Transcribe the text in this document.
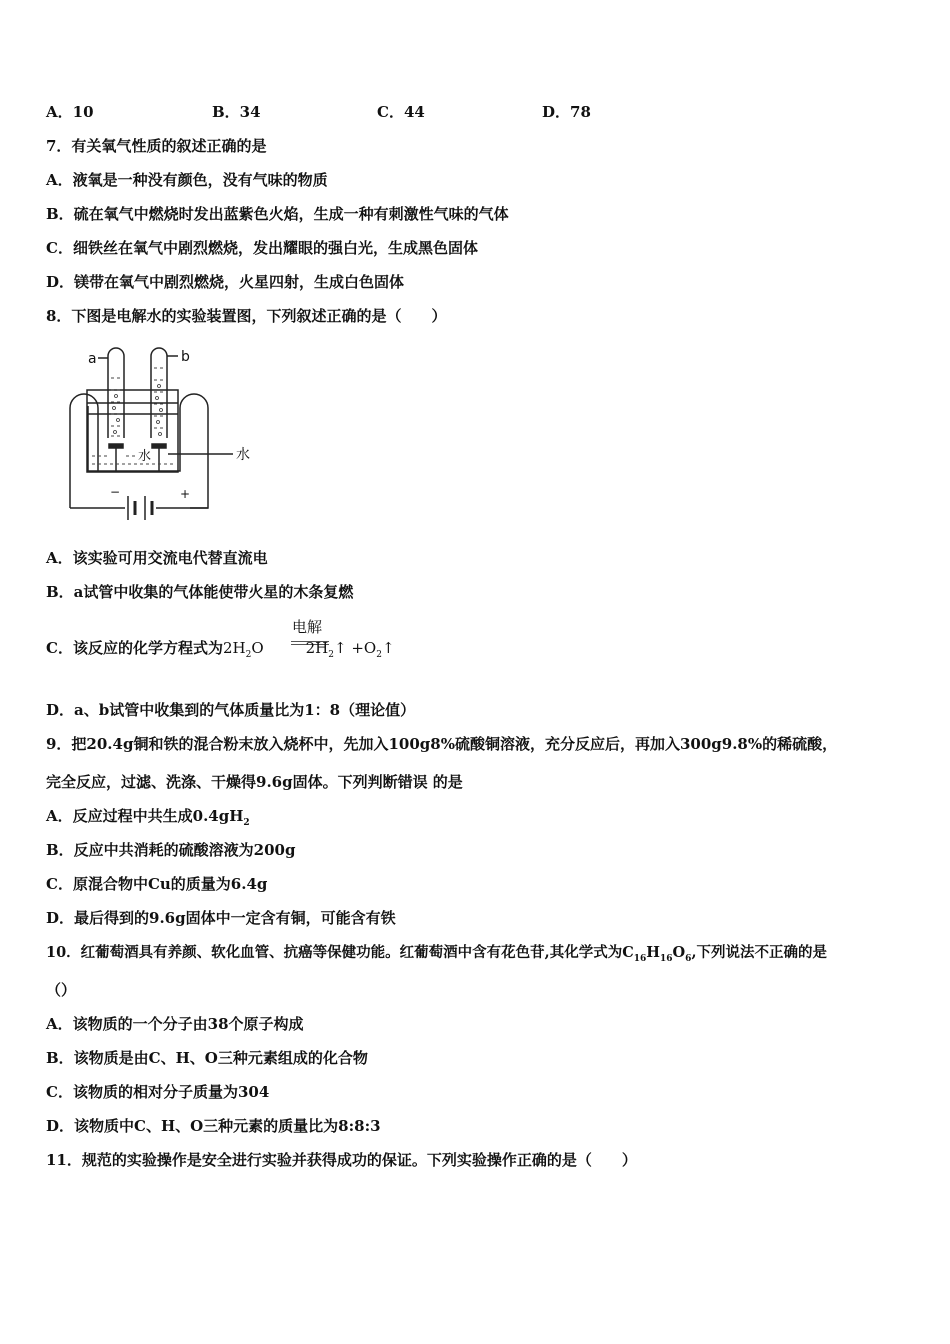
A．10	B．34	C．44	D．78
7．有关氧气性质的叙述正确的是
A．液氧是一种没有颜色，没有气味的物质
B．硫在氧气中燃烧时发出蓝紫色火焰，生成一种有刺激性气味的气体
C．细铁丝在氧气中剧烈燃烧，发出耀眼的强白光，生成黑色固体
D．镁带在氧气中剧烈燃烧，火星四射，生成白色固体
8．下图是电解水的实验装置图，下列叙述正确的是（　　）
a	b
水
水
−	+
A．该实验可用交流电代替直流电
B．a试管中收集的气体能使带火星的木条复燃
电解
C．该反应的化学方程式为$2H_2O$	$2H_2↑$ $+O_2↑$
D．a、b试管中收集到的气体质量比为1：8（理论值）
9．把20.4g铜和铁的混合粉末放入烧杯中，先加入100g8%硫酸铜溶液，充分反应后，再加入300g9.8%的稀硫酸，
完全反应，过滤、洗涤、干燥得9.6g固体。下列判断错误 的是
A．反应过程中共生成$0.4gH_2$
B．反应中共消耗的硫酸溶液为200g
C．原混合物中Cu的质量为6.4g
D．最后得到的9.6g固体中一定含有铜，可能含有铁
10．红葡萄酒具有养颜、软化血管、抗癌等保健功能。红葡萄酒中含有花色苷,其化学式为$C_{16}H_{16}O_6$,下列说法不正确的是
（）
A．该物质的一个分子由38个原子构成
B．该物质是由C、H、O三种元素组成的化合物
C．该物质的相对分子质量为304
D．该物质中C、H、O三种元素的质量比为8:8:3
11．规范的实验操作是安全进行实验并获得成功的保证。下列实验操作正确的是（　　）
